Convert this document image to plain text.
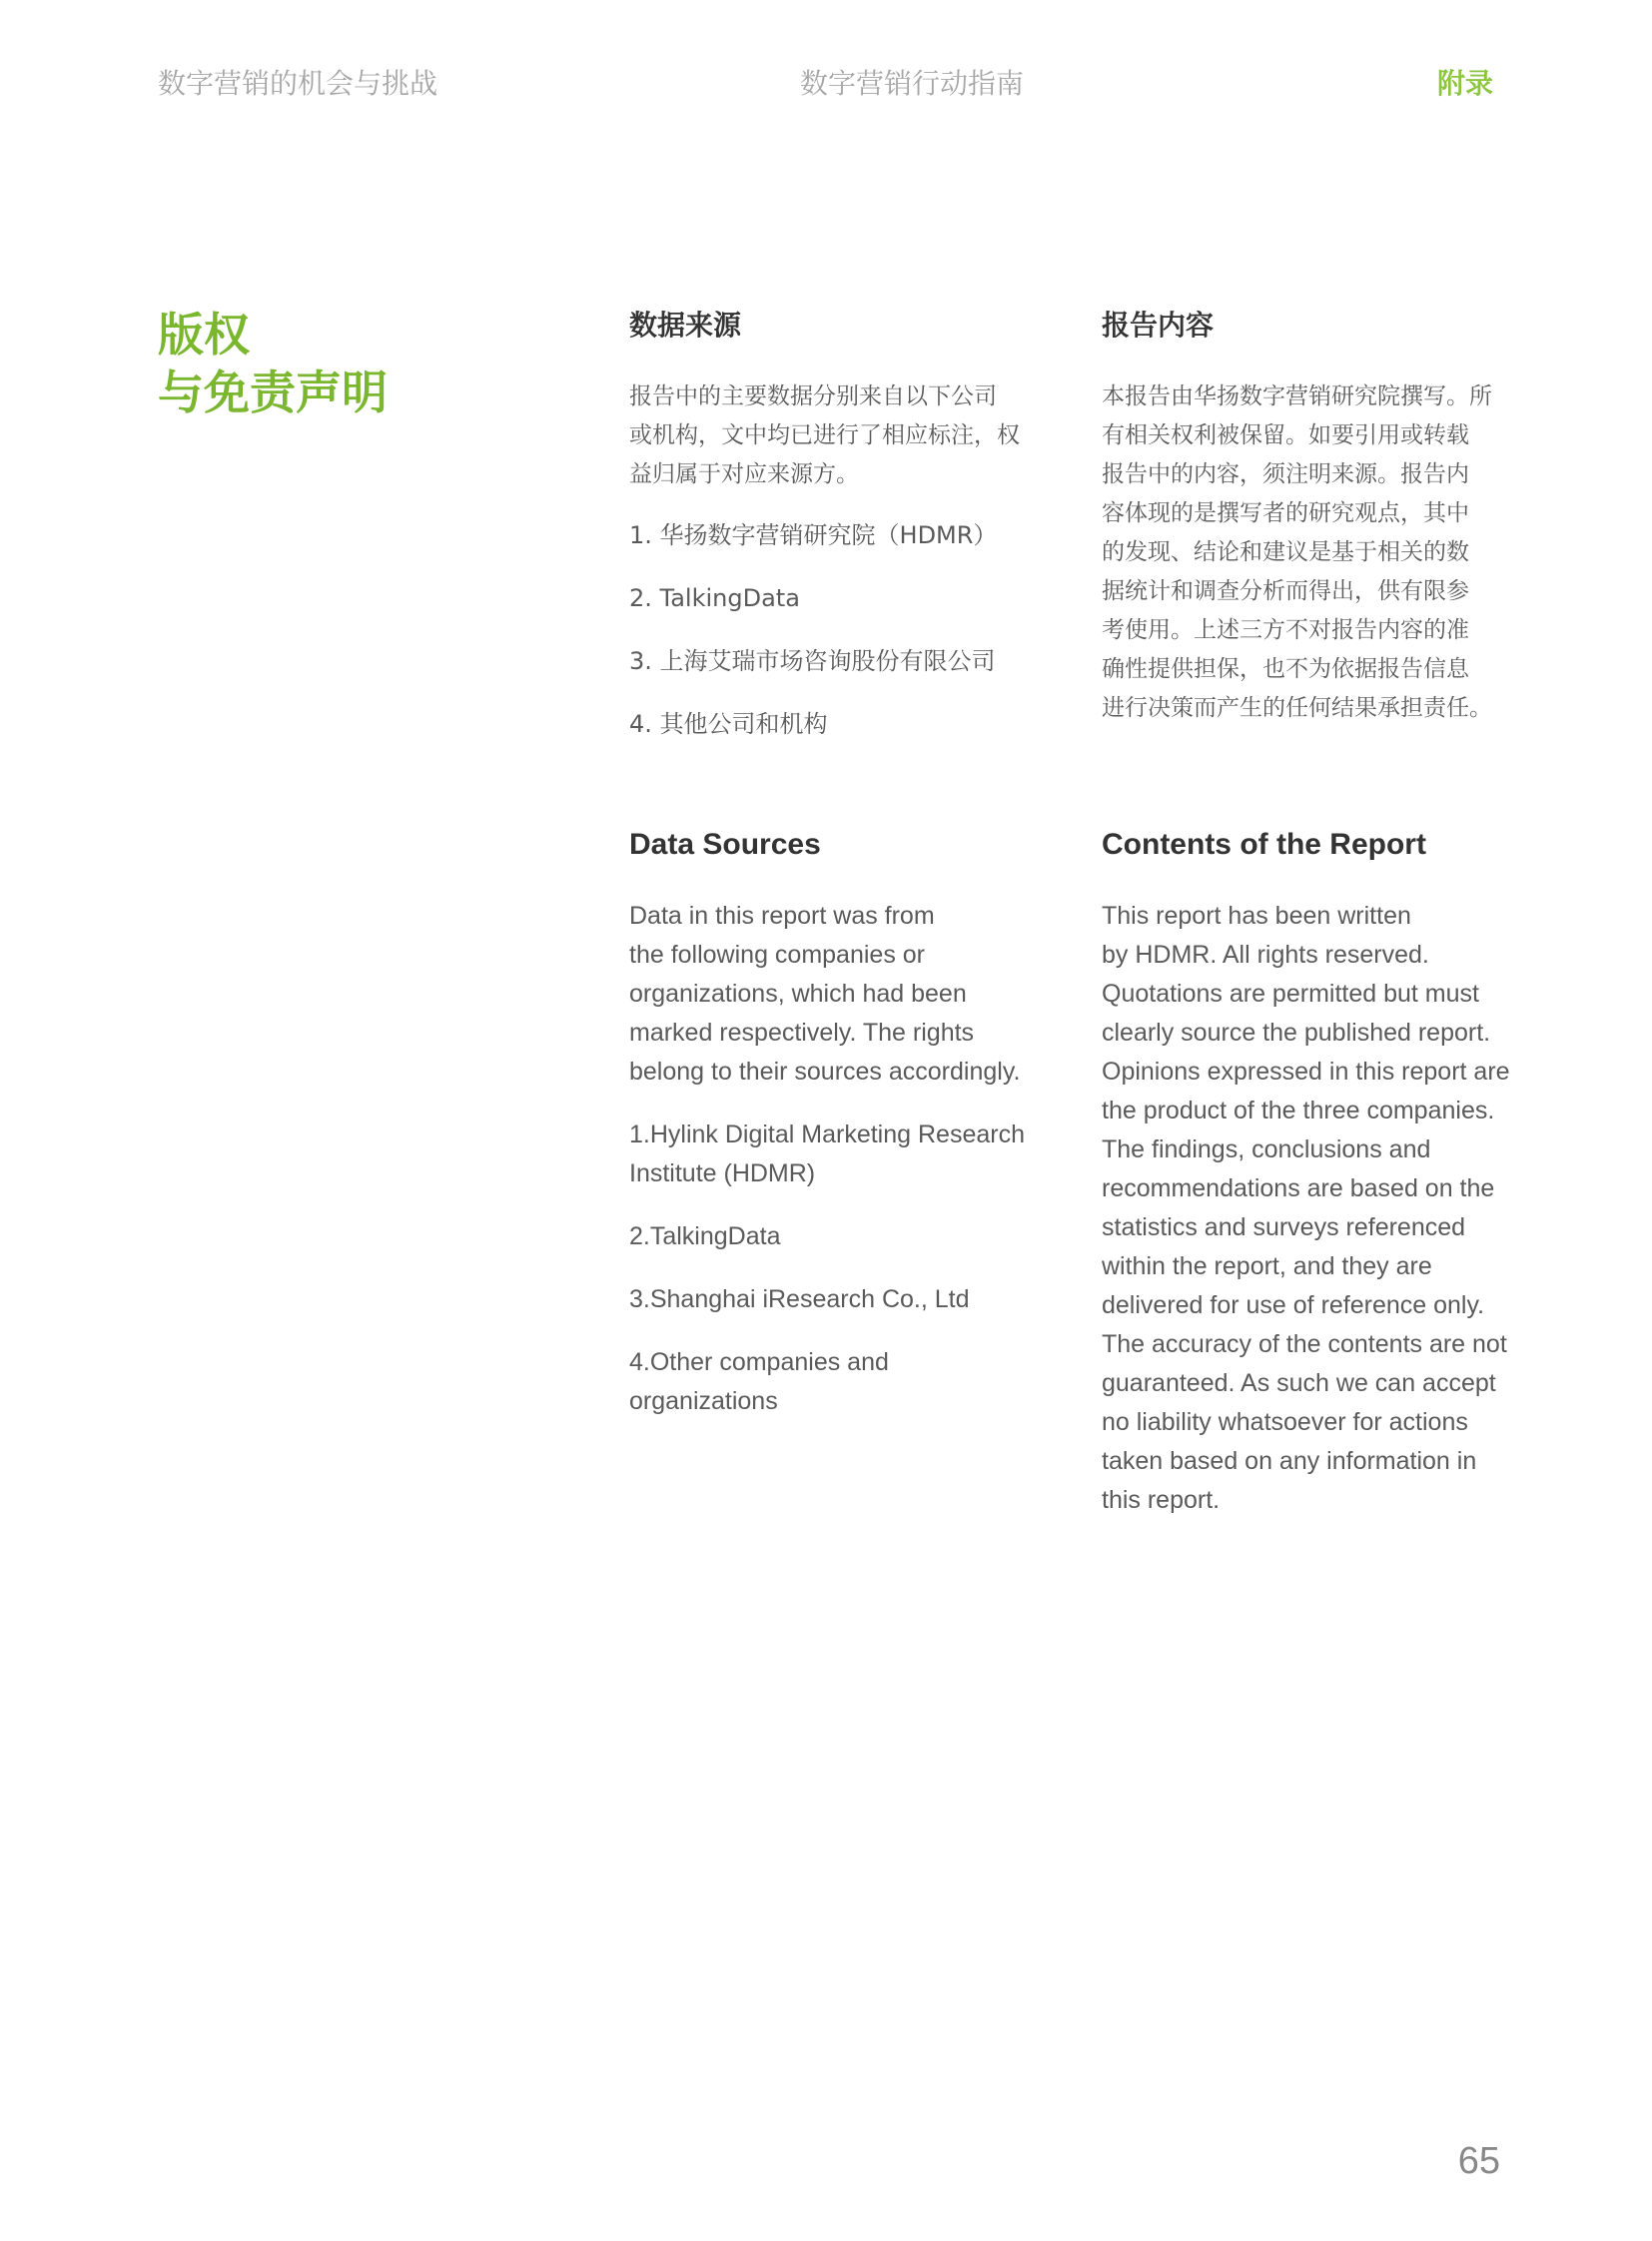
数字营销的机会与挑战	数字营销行动指南	附录
版权
与免责声明
数据来源
报告中的主要数据分别来自以下公司
或机构，文中均已进行了相应标注，权
益归属于对应来源方。
1. 华扬数字营销研究院（HDMR）
2. TalkingData
3. 上海艾瑞市场咨询股份有限公司
4. 其他公司和机构
报告内容
本报告由华扬数字营销研究院撰写。所
有相关权利被保留。如要引用或转载
报告中的内容，须注明来源。报告内
容体现的是撰写者的研究观点，其中
的发现、结论和建议是基于相关的数
据统计和调查分析而得出，供有限参
考使用。上述三方不对报告内容的准
确性提供担保，也不为依据报告信息
进行决策而产生的任何结果承担责任。
Data Sources
Data in this report was from
the following companies or
organizations, which had been
marked respectively. The rights
belong to their sources accordingly.
1.Hylink Digital Marketing Research
Institute (HDMR)
2.TalkingData
3.Shanghai iResearch Co., Ltd
4.Other companies and
organizations
Contents of the Report
This report has been written
by HDMR. All rights reserved.
Quotations are permitted but must
clearly source the published report.
Opinions expressed in this report are
the product of the three companies.
The findings, conclusions and
recommendations are based on the
statistics and surveys referenced
within the report, and they are
delivered for use of reference only.
The accuracy of the contents are not
guaranteed. As such we can accept
no liability whatsoever for actions
taken based on any information in
this report.
65
